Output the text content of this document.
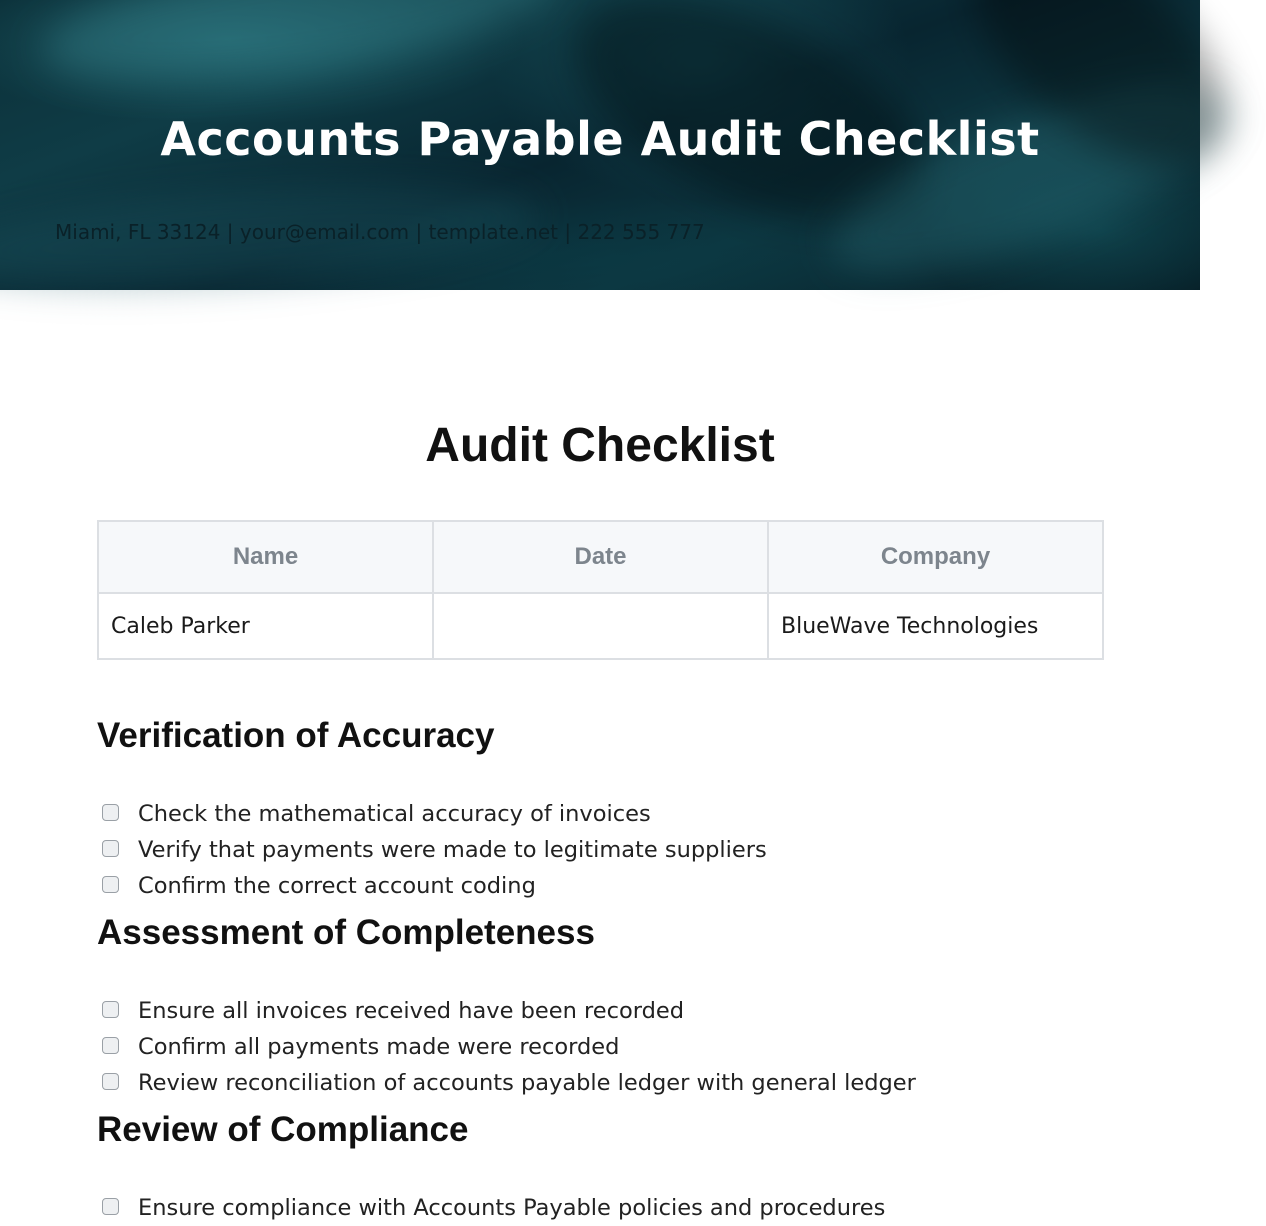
Accounts Payable Audit Checklist
Miami, FL 33124 | your@email.com | template.net | 222 555 777
Audit Checklist
Name	Date	Company
Caleb Parker		BlueWave Technologies
Verification of Accuracy
Check the mathematical accuracy of invoices
Verify that payments were made to legitimate suppliers
Confirm the correct account coding
Assessment of Completeness
Ensure all invoices received have been recorded
Confirm all payments made were recorded
Review reconciliation of accounts payable ledger with general ledger
Review of Compliance
Ensure compliance with Accounts Payable policies and procedures
